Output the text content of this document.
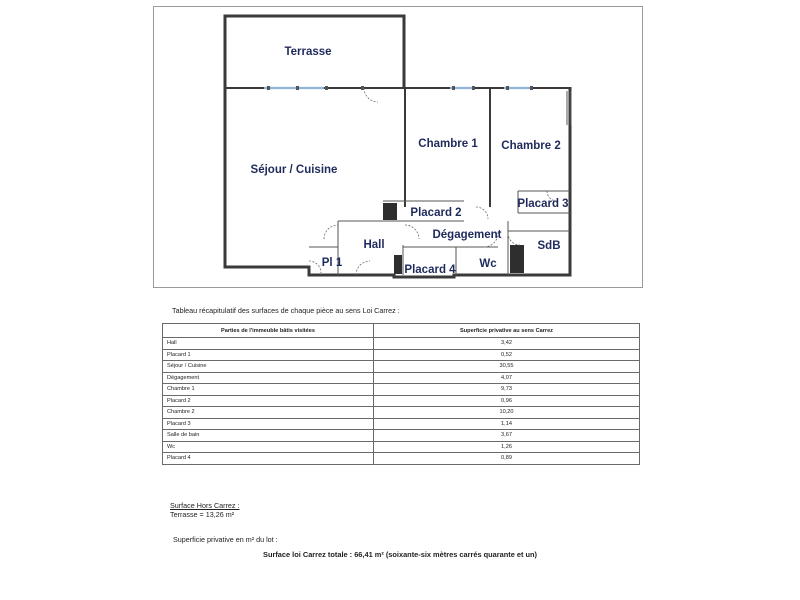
Terrasse
Séjour / Cuisine
Chambre 1 Chambre 2
Placard 2
Placard 3
Dégagement
Hall	SdB
Pl 1
Placard 4 Wc

Tableau récapitulatif des surfaces de chaque pièce au sens Loi Carrez :

Parties de l'immeuble bâtis visitées	Superficie privative au sens Carrez
Hall	3,42
Placard 1	0,52
Séjour / Cuisine	30,55
Dégagement	4,07
Chambre 1	9,73
Placard 2	0,96
Chambre 2	10,20
Placard 3	1,14
Salle de bain	3,67
Wc	1,26
Placard 4	0,89
Surface Hors Carrez :
Terrasse = 13,26 m²
Superficie privative en m² du lot :
Surface loi Carrez totale : 66,41 m² (soixante-six mètres carrés quarante et un)
